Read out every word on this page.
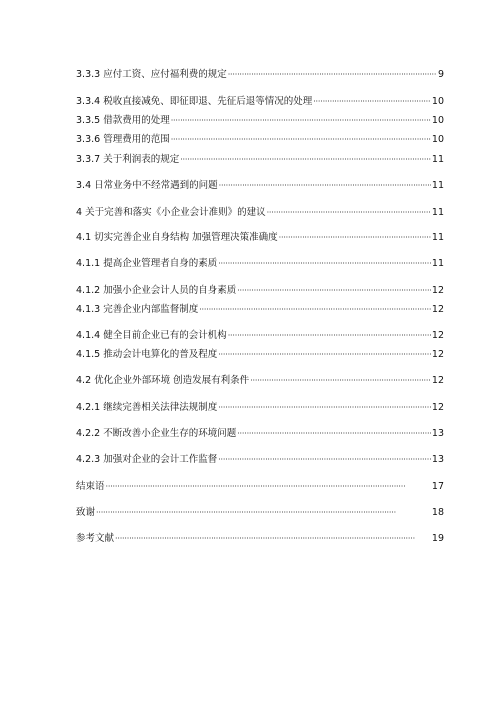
3.3.3 应付工资、应付福利费的规定 ·····	9
3.3.4 税收直接减免、即征即退、先征后退等情况的处理 ·····	10
3.3.5 借款费用的处理 ·····	10
3.3.6 管理费用的范围 ·····	10
3.3.7 关于利润表的规定 ·····	11
3.4 日常业务中不经常遇到的问题 ·····	11
4 关于完善和落实《小企业会计准则》的建议 ·····	11
4.1 切实完善企业自身结构 加强管理决策准确度 ·····	11
4.1.1 提高企业管理者自身的素质 ·····	11
4.1.2 加强小企业会计人员的自身素质 ·····	12
4.1.3 完善企业内部监督制度 ·····	12
4.1.4 健全目前企业已有的会计机构 ·····	12
4.1.5 推动会计电算化的普及程度 ·····	12
4.2 优化企业外部环境 创造发展有利条件 ·····	12
4.2.1 继续完善相关法律法规制度 ·····	12
4.2.2 不断改善小企业生存的环境问题 ·····	13
4.2.3 加强对企业的会计工作监督 ·····	13
结束语 ·····	17
致谢 ·····	18
参考文献 ·····	19
